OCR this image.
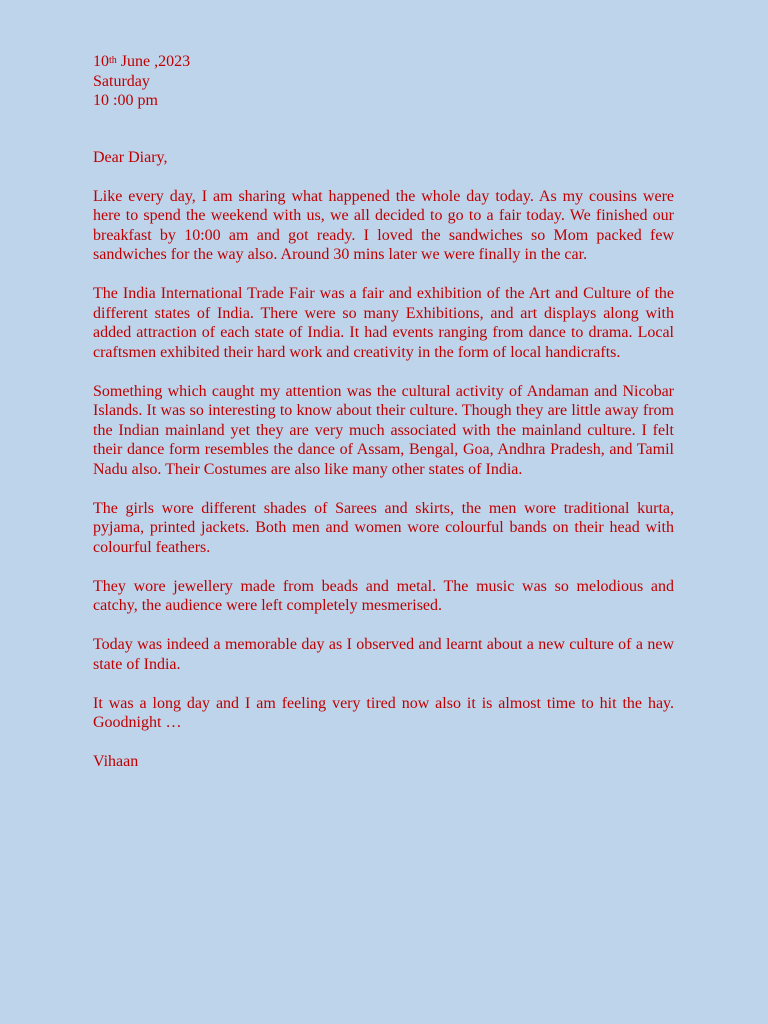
10th June ,2023

Saturday

10 :00 pm

Dear Diary,

Like every day, I am sharing what happened the whole day today. As my cousins were here to spend the weekend with us, we all decided to go to a fair today. We finished our breakfast by 10:00 am and got ready. I loved the sandwiches so Mom packed few sandwiches for the way also. Around 30 mins later we were finally in the car.

The India International Trade Fair was a fair and exhibition of the Art and Culture of the different states of India. There were so many Exhibitions, and art displays along with added attraction of each state of India. It had events ranging from dance to drama. Local craftsmen exhibited their hard work and creativity in the form of local handicrafts.

Something which caught my attention was the cultural activity of Andaman and Nicobar Islands. It was so interesting to know about their culture. Though they are little away from the Indian mainland yet they are very much associated with the mainland culture. I felt their dance form resembles the dance of Assam, Bengal, Goa, Andhra Pradesh, and Tamil Nadu also. Their Costumes are also like many other states of India.

The girls wore different shades of Sarees and skirts, the men wore traditional kurta, pyjama, printed jackets. Both men and women wore colourful bands on their head with colourful feathers.

They wore jewellery made from beads and metal. The music was so melodious and catchy, the audience were left completely mesmerised.

Today was indeed a memorable day as I observed and learnt about a new culture of a new state of India.

It was a long day and I am feeling very tired now also it is almost time to hit the hay. Goodnight …

Vihaan
